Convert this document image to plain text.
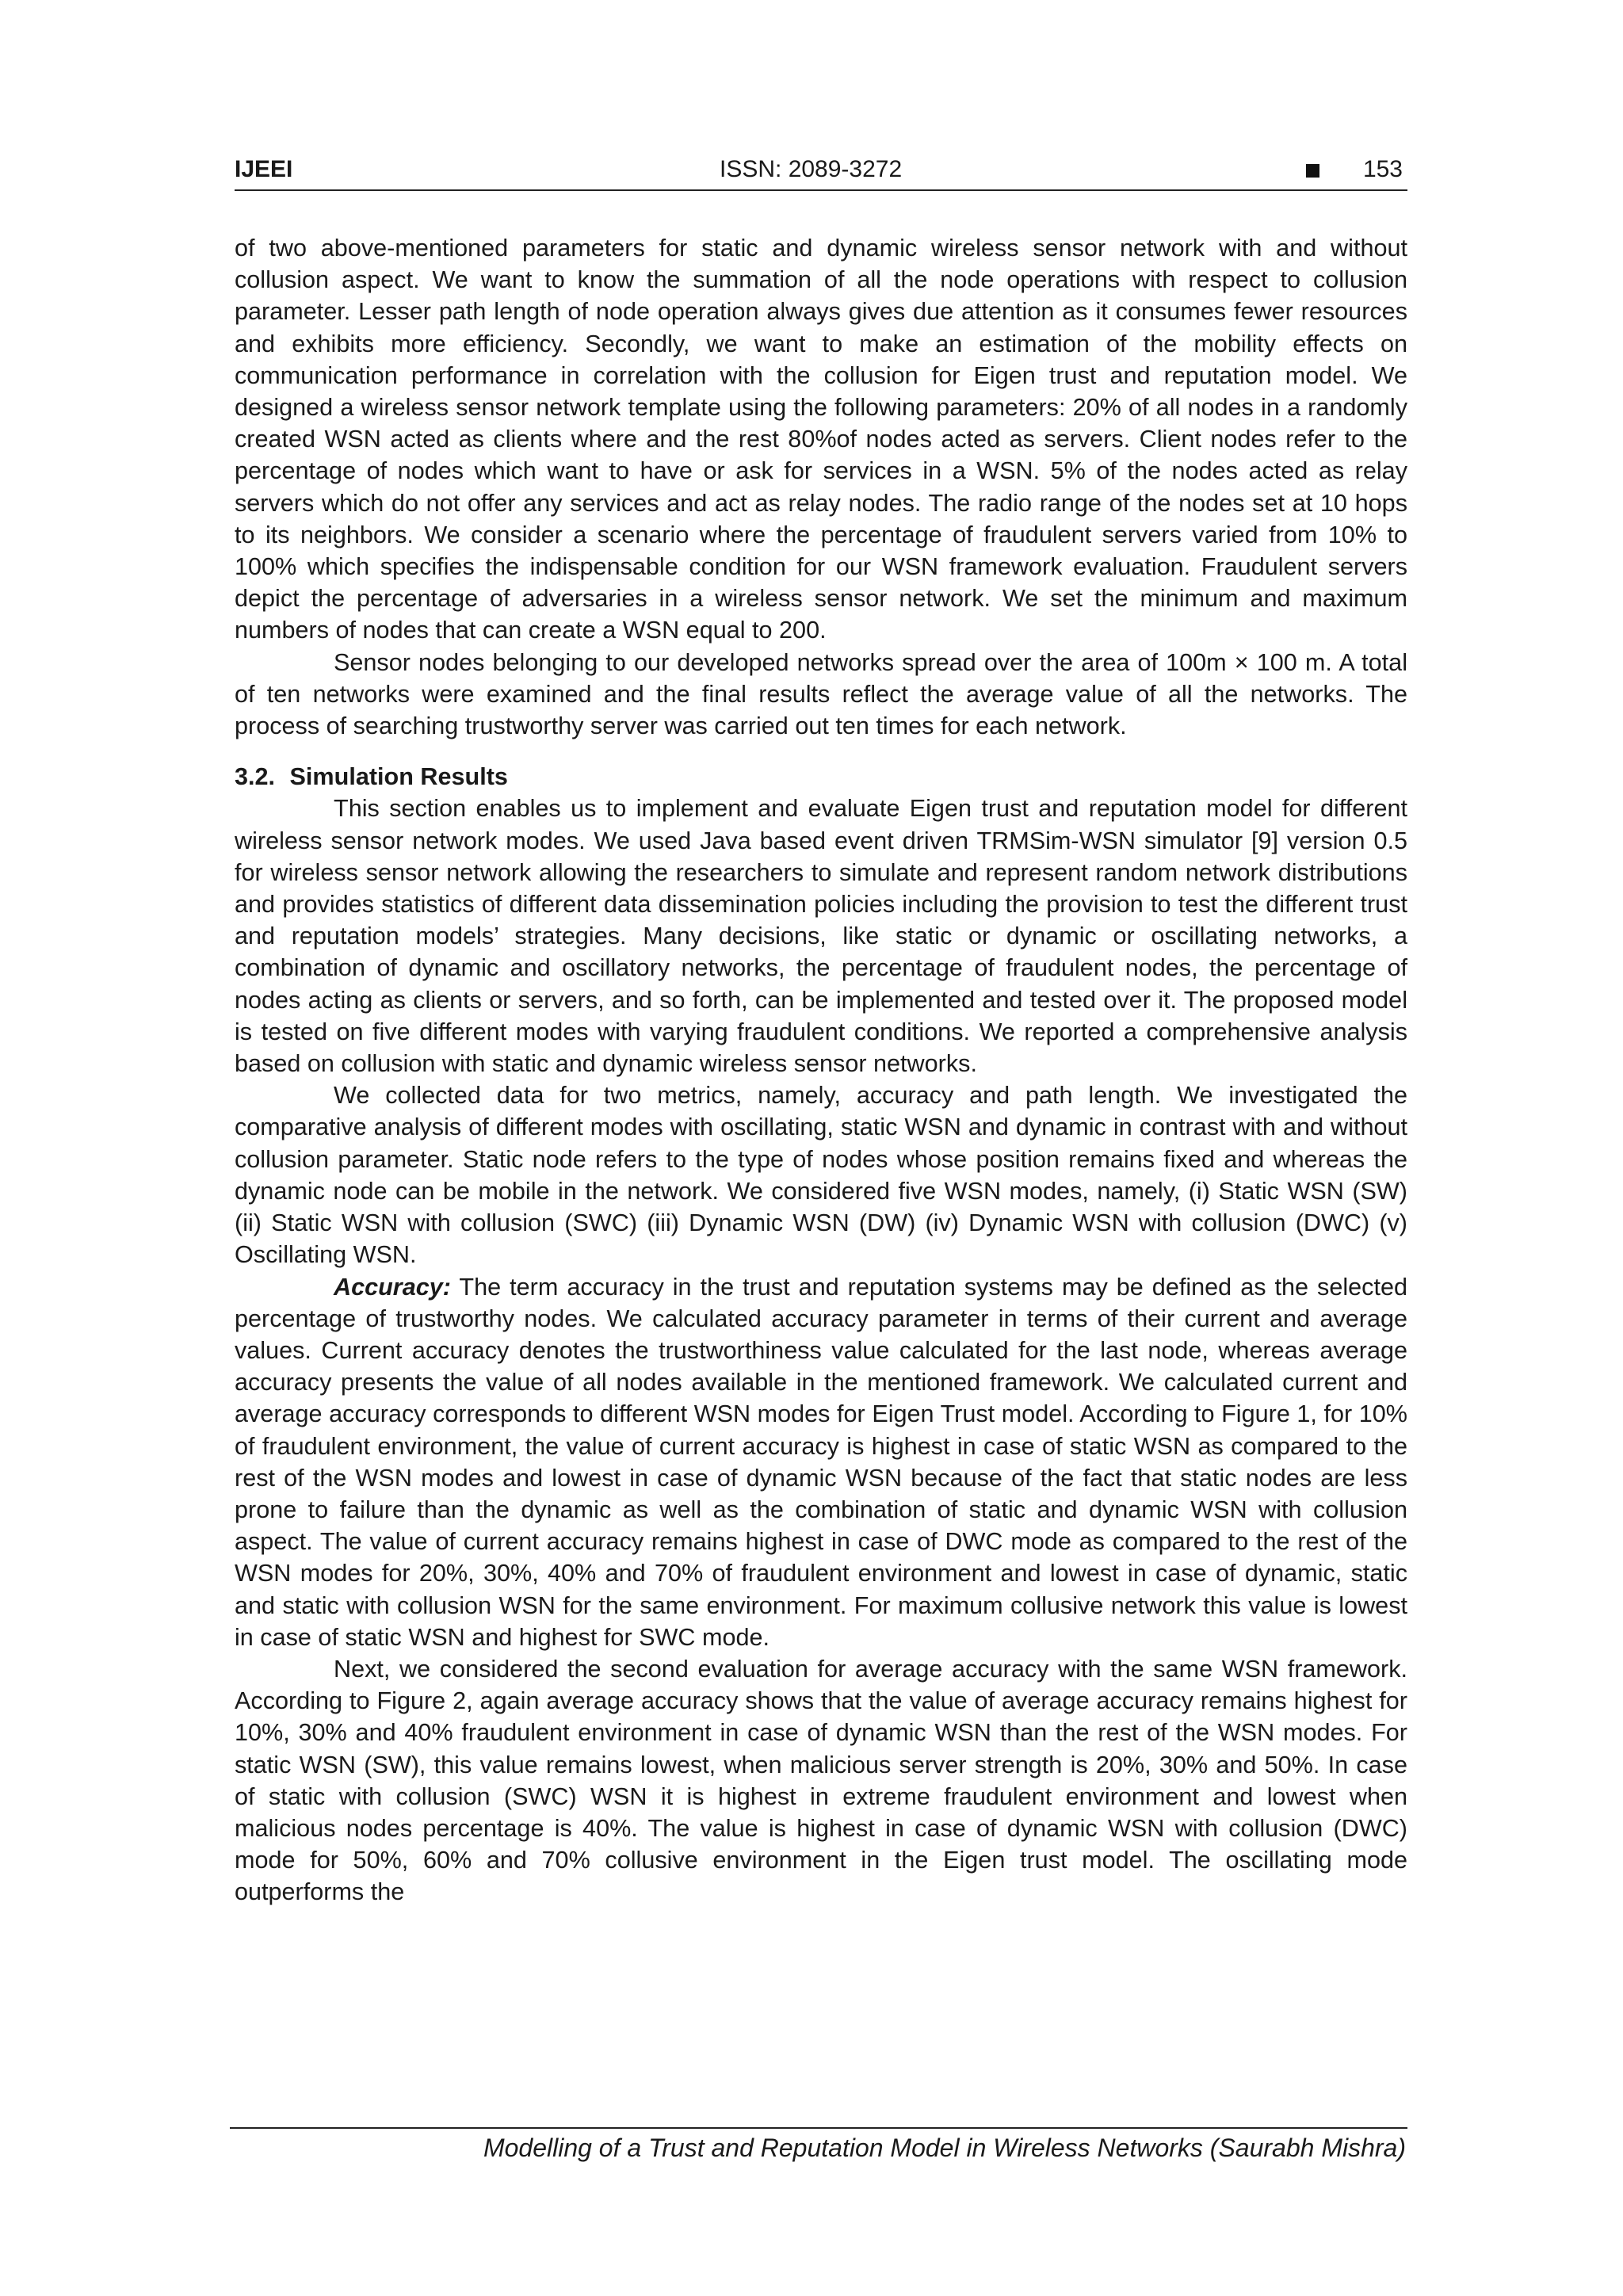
IJEEI	ISSN: 2089-3272	153

of two above-mentioned parameters for static and dynamic wireless sensor network with and without collusion aspect. We want to know the summation of all the node operations with respect to collusion parameter. Lesser path length of node operation always gives due attention as it consumes fewer resources and exhibits more efficiency. Secondly, we want to make an estimation of the mobility effects on communication performance in correlation with the collusion for Eigen trust and reputation model. We designed a wireless sensor network template using the following parameters: 20% of all nodes in a randomly created WSN acted as clients where and the rest 80%of nodes acted as servers. Client nodes refer to the percentage of nodes which want to have or ask for services in a WSN. 5% of the nodes acted as relay servers which do not offer any services and act as relay nodes. The radio range of the nodes set at 10 hops to its neighbors. We consider a scenario where the percentage of fraudulent servers varied from 10% to 100% which specifies the indispensable condition for our WSN framework evaluation. Fraudulent servers depict the percentage of adversaries in a wireless sensor network. We set the minimum and maximum numbers of nodes that can create a WSN equal to 200.

Sensor nodes belonging to our developed networks spread over the area of 100m × 100 m. A total of ten networks were examined and the final results reflect the average value of all the networks. The process of searching trustworthy server was carried out ten times for each network.

3.2. Simulation Results

This section enables us to implement and evaluate Eigen trust and reputation model for different wireless sensor network modes. We used Java based event driven TRMSim-WSN simulator [9] version 0.5 for wireless sensor network allowing the researchers to simulate and represent random network distributions and provides statistics of different data dissemination policies including the provision to test the different trust and reputation models’ strategies. Many decisions, like static or dynamic or oscillating networks, a combination of dynamic and oscillatory networks, the percentage of fraudulent nodes, the percentage of nodes acting as clients or servers, and so forth, can be implemented and tested over it. The proposed model is tested on five different modes with varying fraudulent conditions. We reported a comprehensive analysis based on collusion with static and dynamic wireless sensor networks.

We collected data for two metrics, namely, accuracy and path length. We investigated the comparative analysis of different modes with oscillating, static WSN and dynamic in contrast with and without collusion parameter. Static node refers to the type of nodes whose position remains fixed and whereas the dynamic node can be mobile in the network. We considered five WSN modes, namely, (i) Static WSN (SW) (ii) Static WSN with collusion (SWC) (iii) Dynamic WSN (DW) (iv) Dynamic WSN with collusion (DWC) (v) Oscillating WSN.

Accuracy: The term accuracy in the trust and reputation systems may be defined as the selected percentage of trustworthy nodes. We calculated accuracy parameter in terms of their current and average values. Current accuracy denotes the trustworthiness value calculated for the last node, whereas average accuracy presents the value of all nodes available in the mentioned framework. We calculated current and average accuracy corresponds to different WSN modes for Eigen Trust model. According to Figure 1, for 10% of fraudulent environment, the value of current accuracy is highest in case of static WSN as compared to the rest of the WSN modes and lowest in case of dynamic WSN because of the fact that static nodes are less prone to failure than the dynamic as well as the combination of static and dynamic WSN with collusion aspect. The value of current accuracy remains highest in case of DWC mode as compared to the rest of the WSN modes for 20%, 30%, 40% and 70% of fraudulent environment and lowest in case of dynamic, static and static with collusion WSN for the same environment. For maximum collusive network this value is lowest in case of static WSN and highest for SWC mode.

Next, we considered the second evaluation for average accuracy with the same WSN framework. According to Figure 2, again average accuracy shows that the value of average accuracy remains highest for 10%, 30% and 40% fraudulent environment in case of dynamic WSN than the rest of the WSN modes. For static WSN (SW), this value remains lowest, when malicious server strength is 20%, 30% and 50%. In case of static with collusion (SWC) WSN it is highest in extreme fraudulent environment and lowest when malicious nodes percentage is 40%. The value is highest in case of dynamic WSN with collusion (DWC) mode for 50%, 60% and 70% collusive environment in the Eigen trust model. The oscillating mode outperforms the

Modelling of a Trust and Reputation Model in Wireless Networks (Saurabh Mishra)
